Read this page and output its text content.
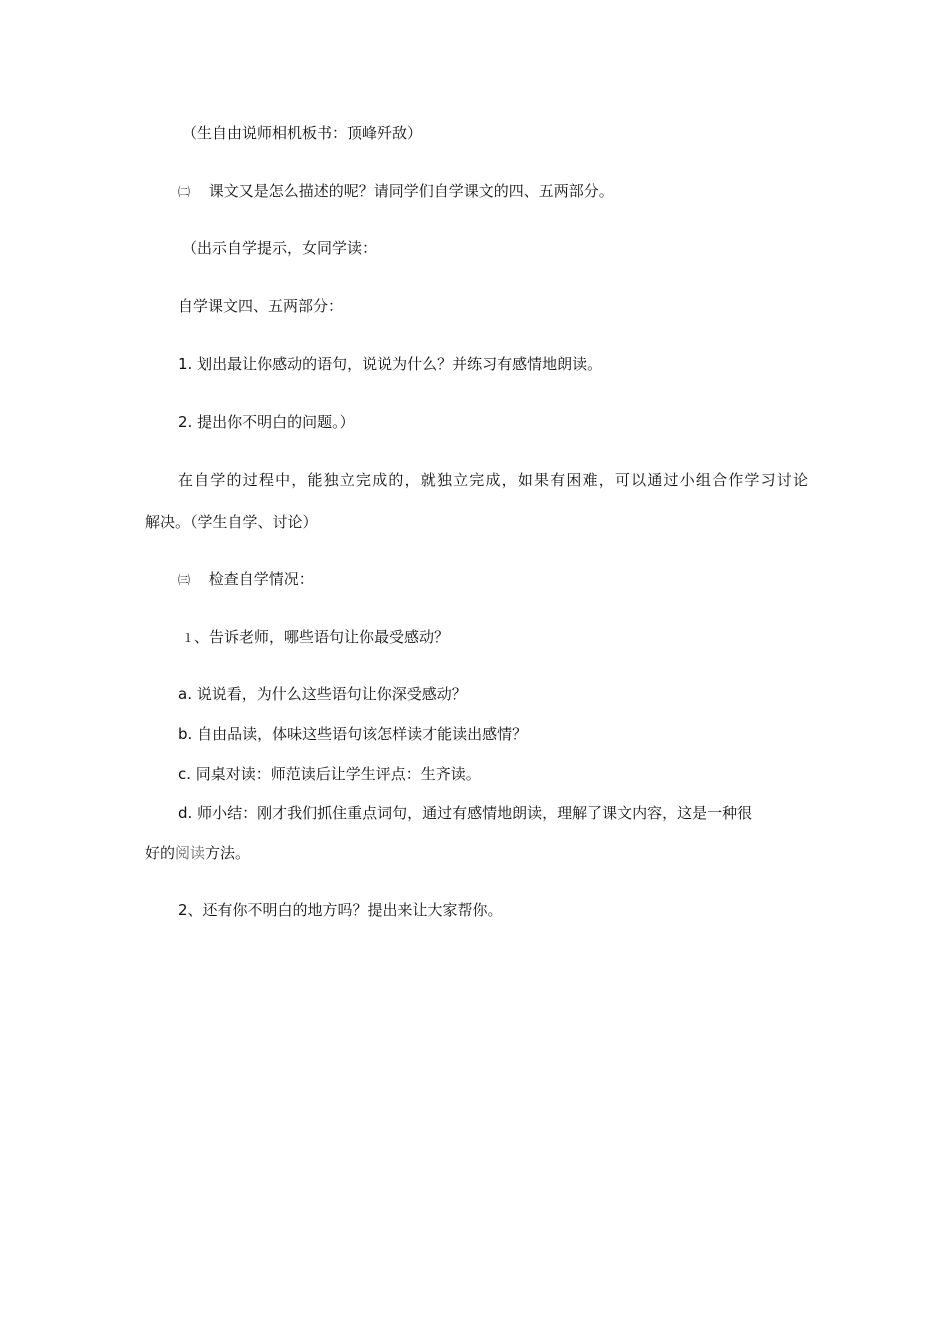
（生自由说师相机板书：顶峰歼敌）
㈡ 课文又是怎么描述的呢？请同学们自学课文的四、五两部分。
（出示自学提示，女同学读：
自学课文四、五两部分：
1. 划出最让你感动的语句，说说为什么？并练习有感情地朗读。
2. 提出你不明白的问题。）
在自学的过程中，能独立完成的，就独立完成，如果有困难，可以通过小组合作学习讨论
解决。（学生自学、讨论）
㈢ 检查自学情况：
１、告诉老师，哪些语句让你最受感动？
a. 说说看，为什么这些语句让你深受感动？
b. 自由品读，体味这些语句该怎样读才能读出感情？
c. 同桌对读：师范读后让学生评点：生齐读。
d. 师小结：刚才我们抓住重点词句，通过有感情地朗读，理解了课文内容，这是一种很
好的阅读方法。
2、还有你不明白的地方吗？提出来让大家帮你。
